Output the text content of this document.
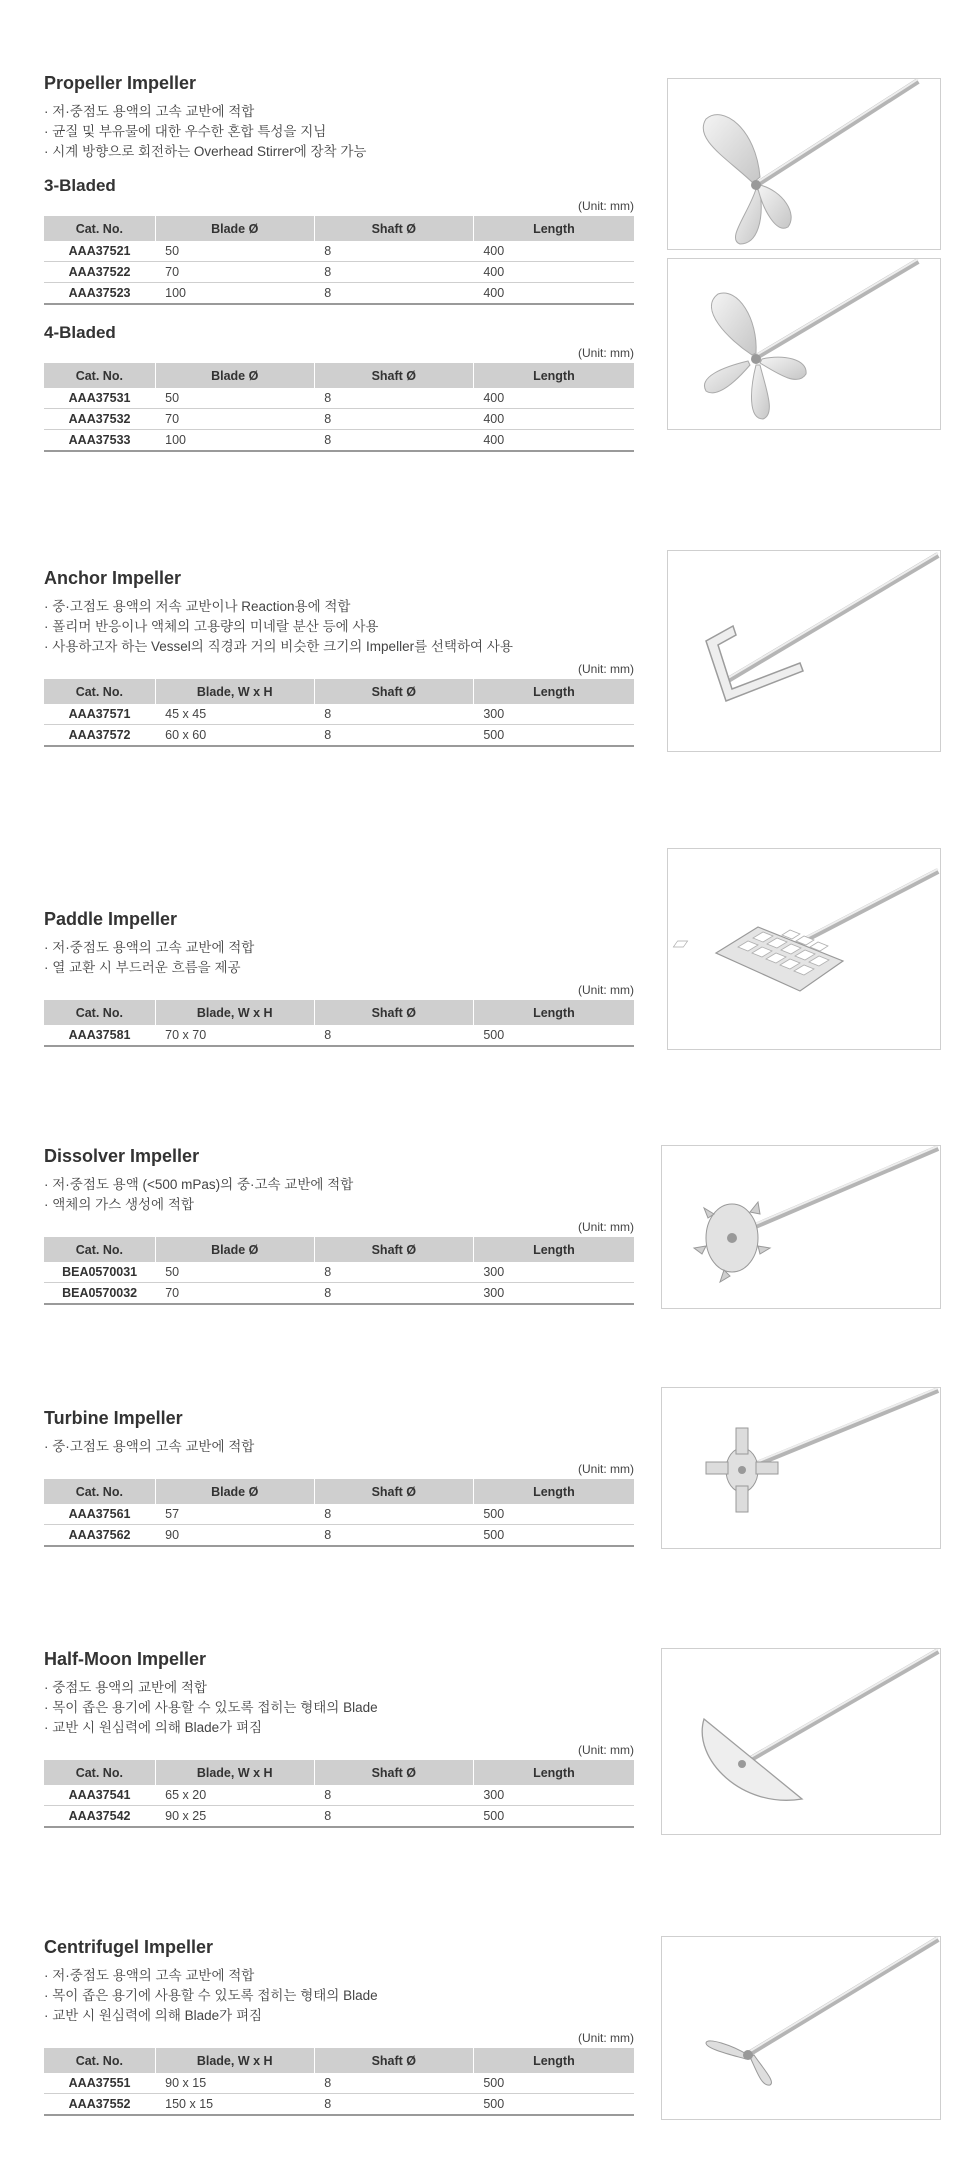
Propeller Impeller
· 저·중점도 용액의 고속 교반에 적합
· 균질 및 부유물에 대한 우수한 혼합 특성을 지님
· 시계 방향으로 회전하는 Overhead Stirrer에 장착 가능
3-Bladed
(Unit: mm)
Cat. No.	Blade Ø	Shaft Ø	Length
AAA37521	50	8	400
AAA37522	70	8	400
AAA37523	100	8	400
4-Bladed
(Unit: mm)
Cat. No.	Blade Ø	Shaft Ø	Length
AAA37531	50	8	400
AAA37532	70	8	400
AAA37533	100	8	400
Anchor Impeller
· 중·고점도 용액의 저속 교반이나 Reaction용에 적합
· 폴리머 반응이나 액체의 고용량의 미네랄 분산 등에 사용
· 사용하고자 하는 Vessel의 직경과 거의 비슷한 크기의 Impeller를 선택하여 사용
(Unit: mm)
Cat. No.	Blade, W x H	Shaft Ø	Length
AAA37571	45 x 45	8	300
AAA37572	60 x 60	8	500
Paddle Impeller
· 저·중점도 용액의 고속 교반에 적합
· 열 교환 시 부드러운 흐름을 제공
(Unit: mm)
Cat. No.	Blade, W x H	Shaft Ø	Length
AAA37581	70 x 70	8	500
Dissolver Impeller
· 저·중점도 용액 (<500 mPas)의 중·고속 교반에 적합
· 액체의 가스 생성에 적합
(Unit: mm)
Cat. No.	Blade Ø	Shaft Ø	Length
BEA0570031	50	8	300
BEA0570032	70	8	300
Turbine Impeller
· 중·고점도 용액의 고속 교반에 적합
(Unit: mm)
Cat. No.	Blade Ø	Shaft Ø	Length
AAA37561	57	8	500
AAA37562	90	8	500
Half-Moon Impeller
· 중점도 용액의 교반에 적합
· 목이 좁은 용기에 사용할 수 있도록 접히는 형태의 Blade
· 교반 시 원심력에 의해 Blade가 펴짐
(Unit: mm)
Cat. No.	Blade, W x H	Shaft Ø	Length
AAA37541	65 x 20	8	300
AAA37542	90 x 25	8	500
Centrifugel Impeller
· 저·중점도 용액의 고속 교반에 적합
· 목이 좁은 용기에 사용할 수 있도록 접히는 형태의 Blade
· 교반 시 원심력에 의해 Blade가 펴짐
(Unit: mm)
Cat. No.	Blade, W x H	Shaft Ø	Length
AAA37551	90 x 15	8	500
AAA37552	150 x 15	8	500
